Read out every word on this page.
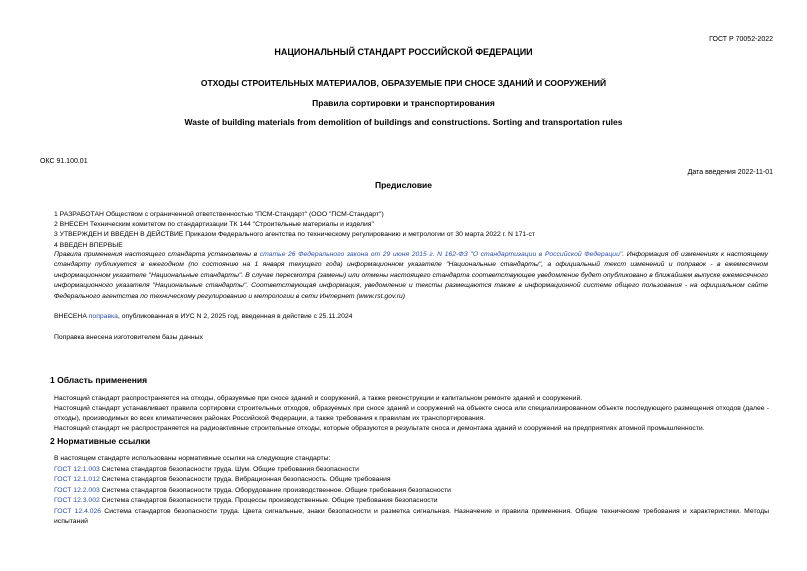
ГОСТ Р 70052-2022
НАЦИОНАЛЬНЫЙ СТАНДАРТ РОССИЙСКОЙ ФЕДЕРАЦИИ
ОТХОДЫ СТРОИТЕЛЬНЫХ МАТЕРИАЛОВ, ОБРАЗУЕМЫЕ ПРИ СНОСЕ ЗДАНИЙ И СООРУЖЕНИЙ
Правила сортировки и транспортирования
Waste of building materials from demolition of buildings and constructions. Sorting and transportation rules
ОКС 91.100.01
Дата введения 2022-11-01
Предисловие
1 РАЗРАБОТАН Обществом с ограниченной ответственностью "ПСМ-Стандарт" (ООО "ПСМ-Стандарт")
2 ВНЕСЕН Техническим комитетом по стандартизации ТК 144 "Строительные материалы и изделия"
3 УТВЕРЖДЕН И ВВЕДЕН В ДЕЙСТВИЕ Приказом Федерального агентства по техническому регулированию и метрологии от 30 марта 2022 г. N 171-ст
4 ВВЕДЕН ВПЕРВЫЕ
Правила применения настоящего стандарта установлены в статье 26 Федерального закона от 29 июня 2015 г. N 162-ФЗ "О стандартизации в Российской Федерации". Информация об изменениях к настоящему стандарту публикуется в ежегодном (по состоянию на 1 января текущего года) информационном указателе "Национальные стандарты", а официальный текст изменений и поправок - в ежемесячном информационном указателе "Национальные стандарты". В случае пересмотра (замены) или отмены настоящего стандарта соответствующее уведомление будет опубликовано в ближайшем выпуске ежемесячного информационного указателя "Национальные стандарты". Соответствующая информация, уведомление и тексты размещаются также в информационной системе общего пользования - на официальном сайте Федерального агентства по техническому регулированию и метрологии в сети Интернет (www.rst.gov.ru)
ВНЕСЕНА поправка, опубликованная в ИУС N 2, 2025 год, введенная в действие с 25.11.2024
Поправка внесена изготовителем базы данных
1 Область применения
Настоящий стандарт распространяется на отходы, образуемые при сносе зданий и сооружений, а также реконструкции и капитальном ремонте зданий и сооружений.
Настоящий стандарт устанавливает правила сортировки строительных отходов, образуемых при сносе зданий и сооружений на объекте сноса или специализированном объекте последующего размещения отходов (далее - отходы), производимых во всех климатических районах Российской Федерации, а также требования к правилам их транспортирования.
Настоящий стандарт не распространяется на радиоактивные строительные отходы, которые образуются в результате сноса и демонтажа зданий и сооружений на предприятиях атомной промышленности.
2 Нормативные ссылки
В настоящем стандарте использованы нормативные ссылки на следующие стандарты:
ГОСТ 12.1.003 Система стандартов безопасности труда. Шум. Общие требования безопасности
ГОСТ 12.1.012 Система стандартов безопасности труда. Вибрационная безопасность. Общие требования
ГОСТ 12.2.003 Система стандартов безопасности труда. Оборудование производственное. Общие требования безопасности
ГОСТ 12.3.002 Система стандартов безопасности труда. Процессы производственные. Общие требования безопасности
ГОСТ 12.4.026 Система стандартов безопасности труда. Цвета сигнальные, знаки безопасности и разметка сигнальная. Назначение и правила применения. Общие технические требования и характеристики. Методы испытаний
